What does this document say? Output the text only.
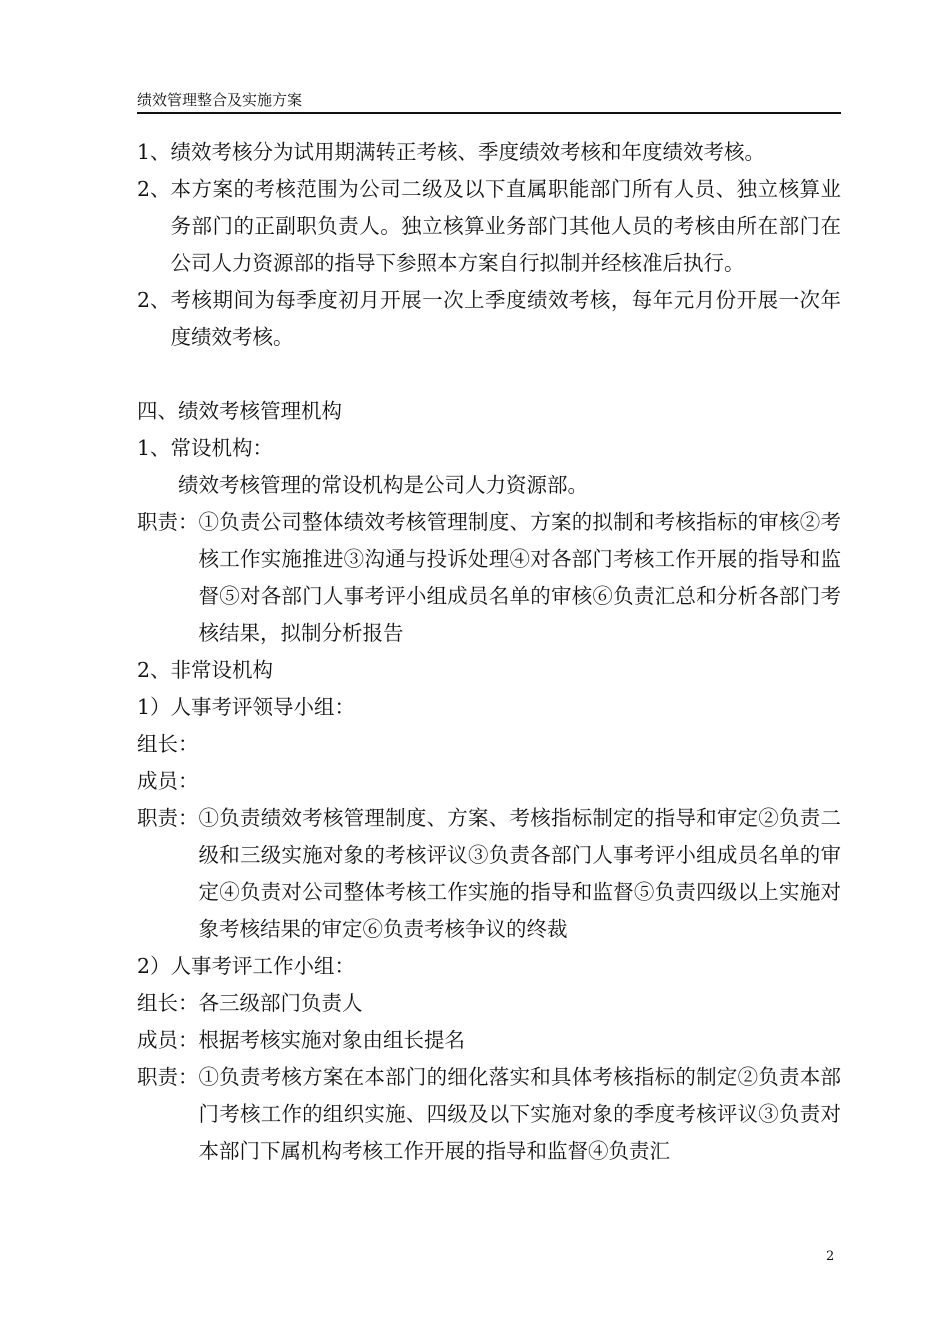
绩效管理整合及实施方案
1、 绩效考核分为试用期满转正考核、季度绩效考核和年度绩效考核。
2、 本方案的考核范围为公司二级及以下直属职能部门所有人员、独立核算业务部门的正副职负责人。独立核算业务部门其他人员的考核由所在部门在公司人力资源部的指导下参照本方案自行拟制并经核准后执行。
2、 考核期间为每季度初月开展一次上季度绩效考核，每年元月份开展一次年度绩效考核。
四、绩效考核管理机构
1、常设机构：
绩效考核管理的常设机构是公司人力资源部。
职责： ①负责公司整体绩效考核管理制度、方案的拟制和考核指标的审核②考核工作实施推进③沟通与投诉处理④对各部门考核工作开展的指导和监督⑤对各部门人事考评小组成员名单的审核⑥负责汇总和分析各部门考核结果，拟制分析报告
2、非常设机构
1）人事考评领导小组：
组长：
成员：
职责： ①负责绩效考核管理制度、方案、考核指标制定的指导和审定②负责二级和三级实施对象的考核评议③负责各部门人事考评小组成员名单的审定④负责对公司整体考核工作实施的指导和监督⑤负责四级以上实施对象考核结果的审定⑥负责考核争议的终裁
2）人事考评工作小组：
组长：各三级部门负责人
成员：根据考核实施对象由组长提名
职责： ①负责考核方案在本部门的细化落实和具体考核指标的制定②负责本部门考核工作的组织实施、四级及以下实施对象的季度考核评议③负责对本部门下属机构考核工作开展的指导和监督④负责汇
2
